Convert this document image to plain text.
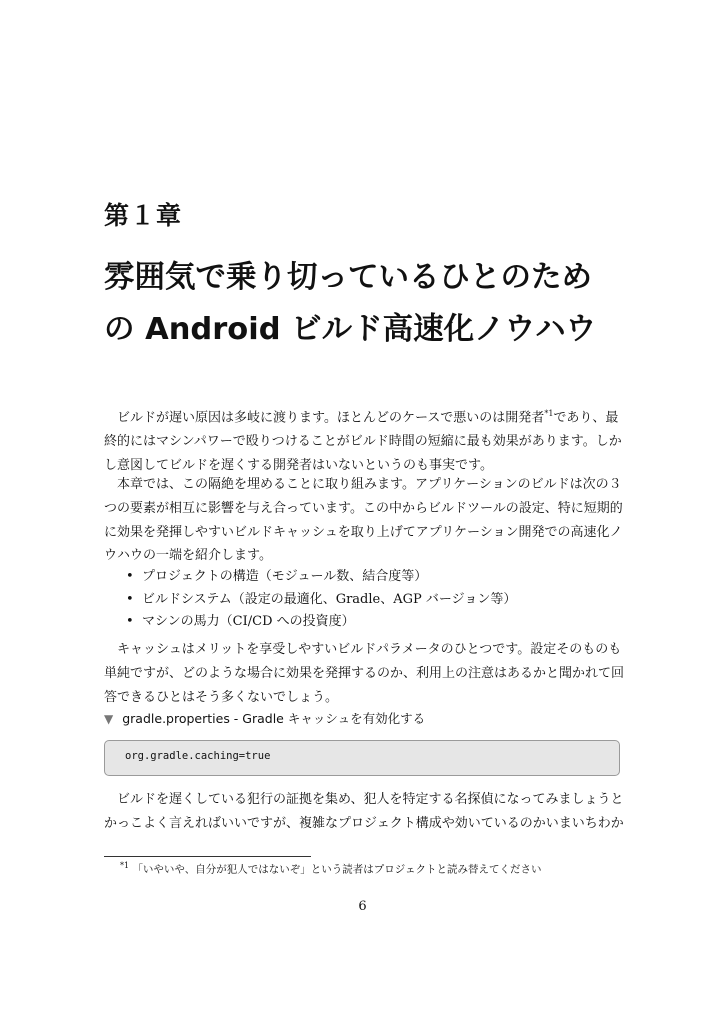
第１章
雰囲気で乗り切っているひとのため
の Android ビルド高速化ノウハウ

ビルドが遅い原因は多岐に渡ります。ほとんどのケースで悪いのは開発者$^{*1}$であり、最
終的にはマシンパワーで殴りつけることがビルド時間の短縮に最も効果があります。しか
し意図してビルドを遅くする開発者はいないというのも事実です。

本章では、この隔絶を埋めることに取り組みます。アプリケーションのビルドは次の３
つの要素が相互に影響を与え合っています。この中からビルドツールの設定、特に短期的
に効果を発揮しやすいビルドキャッシュを取り上げてアプリケーション開発での高速化ノ
ウハウの一端を紹介します。

• プロジェクトの構造（モジュール数、結合度等）
• ビルドシステム（設定の最適化、Gradle、AGP バージョン等）
• マシンの馬力（CI/CD への投資度）

キャッシュはメリットを享受しやすいビルドパラメータのひとつです。設定そのものも
単純ですが、どのような場合に効果を発揮するのか、利用上の注意はあるかと聞かれて回
答できるひとはそう多くないでしょう。

▼ gradle.properties - Gradle キャッシュを有効化する
org.gradle.caching=true

ビルドを遅くしている犯行の証拠を集め、犯人を特定する名探偵になってみましょうと
かっこよく言えればいいですが、複雑なプロジェクト構成や効いているのかいまいちわか

$^{*1}$ 「いやいや、自分が犯人ではないぞ」という読者はプロジェクトと読み替えてください
6
